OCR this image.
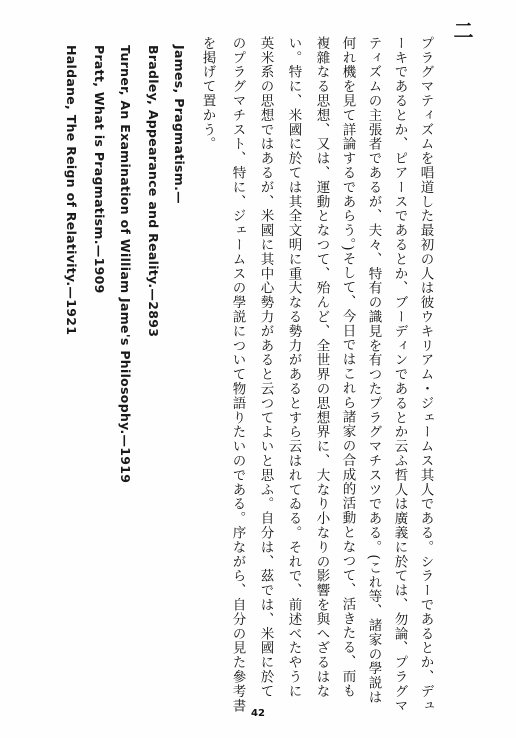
二
プラグマティズムを唱道した最初の人は彼ウキリアム・ジェームス其人である。シラーであるとか、デュ
ーキであるとか、ピアースであるとか、ブーディンであるとか云ふ哲人は廣義に於ては、勿論、プラグマ
ティズムの主張者であるが、夫々、特有の識見を有つたプラグマチスツである。(これ等、諸家の學説は
何れ機を見て詳論するであらう。)そして、今日ではこれら諸家の合成的活動となつて、活きたる、而も
複雜なる思想、又は、運動となつて、殆んど、全世界の思想界に、大なり小なりの影響を與へざるはな
い。特に、米國に於ては其全文明に重大なる勢力があるとすら云はれてゐる。それで、前述べたやうに
英米系の思想ではあるが、米國に其中心勢力があると云つてよいと思ふ。自分は、茲では、米國に於て
のプラグマチスト、特に、ジェームスの學説について物語りたいのである。序ながら、自分の見た參考書
を掲げて置かう。
James, Pragmatism.—
Bradley, Appearance and Reality.—2893
Turner, An Examination of William Jame's Philosophy.—1919
Pratt, What is Pragmatism.—1909
Haldane, The Reign of Relativity.—1921
42
